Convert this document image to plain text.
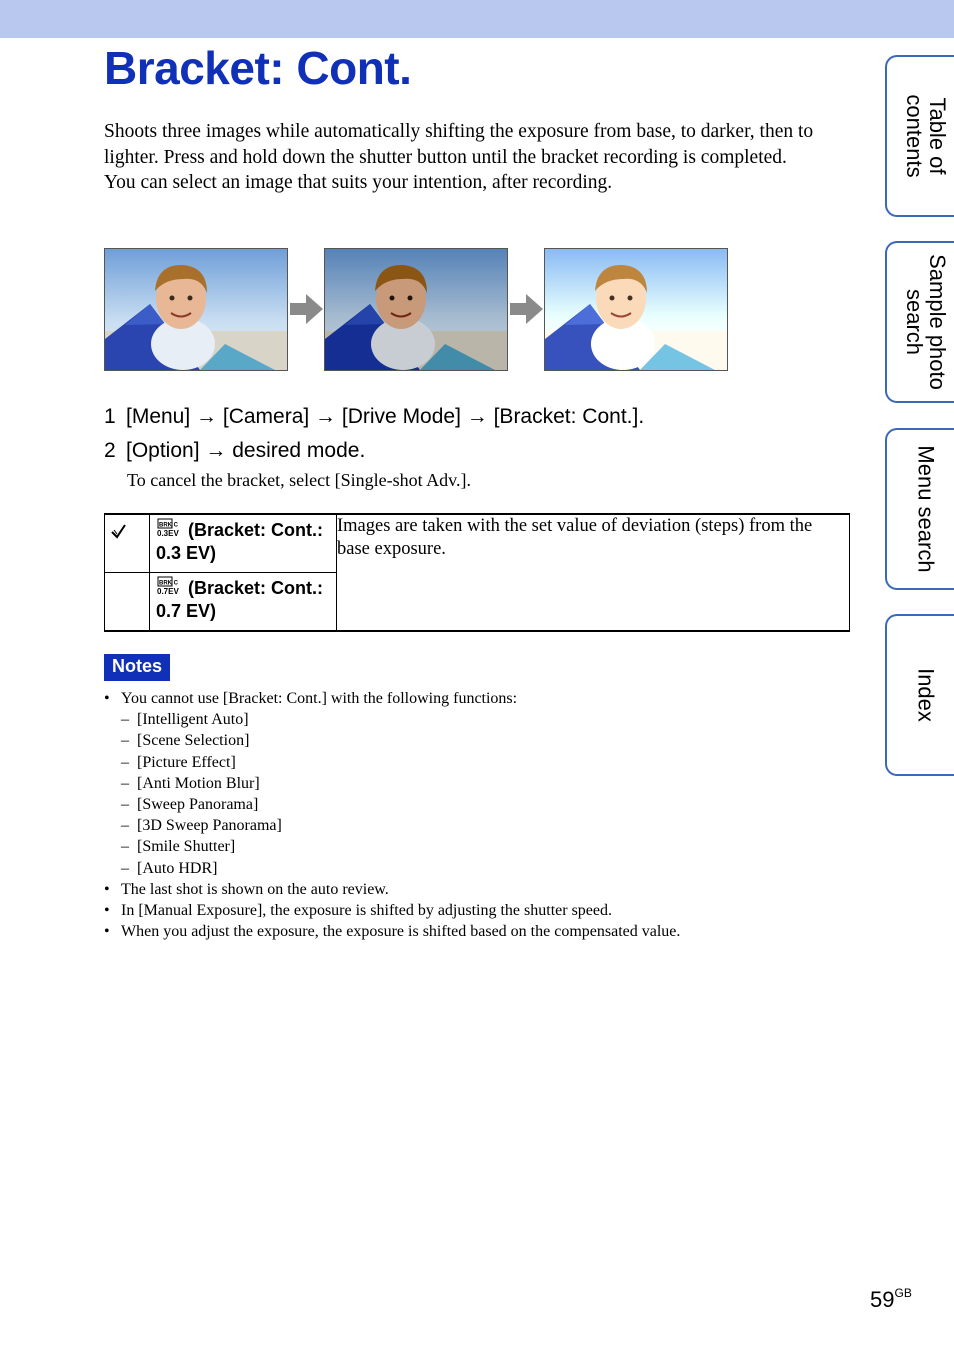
Bracket: Cont.

Shoots three images while automatically shifting the exposure from base, to darker, then to lighter. Press and hold down the shutter button until the bracket recording is completed.

You can select an image that suits your intention, after recording.

1 [Menu] → [Camera] → [Drive Mode] → [Bracket: Cont.].
2 [Option] → desired mode.
To cancel the bracket, select [Single-shot Adv.].

BRK C
0.3EV (Bracket: Cont.: 0.3 EV)	Images are taken with the set value of deviation (steps) from the base exposure.

BRK C
0.7EV (Bracket: Cont.: 0.7 EV)	
Notes
• You cannot use [Bracket: Cont.] with the following functions:
– [Intelligent Auto]
– [Scene Selection]
– [Picture Effect]
– [Anti Motion Blur]
– [Sweep Panorama]
– [3D Sweep Panorama]
– [Smile Shutter]
– [Auto HDR]
• The last shot is shown on the auto review.
• In [Manual Exposure], the exposure is shifted by adjusting the shutter speed.
• When you adjust the exposure, the exposure is shifted based on the compensated value.
Table of
contents
Sample photo
search
Menu search
Index
$59^{GB}$
